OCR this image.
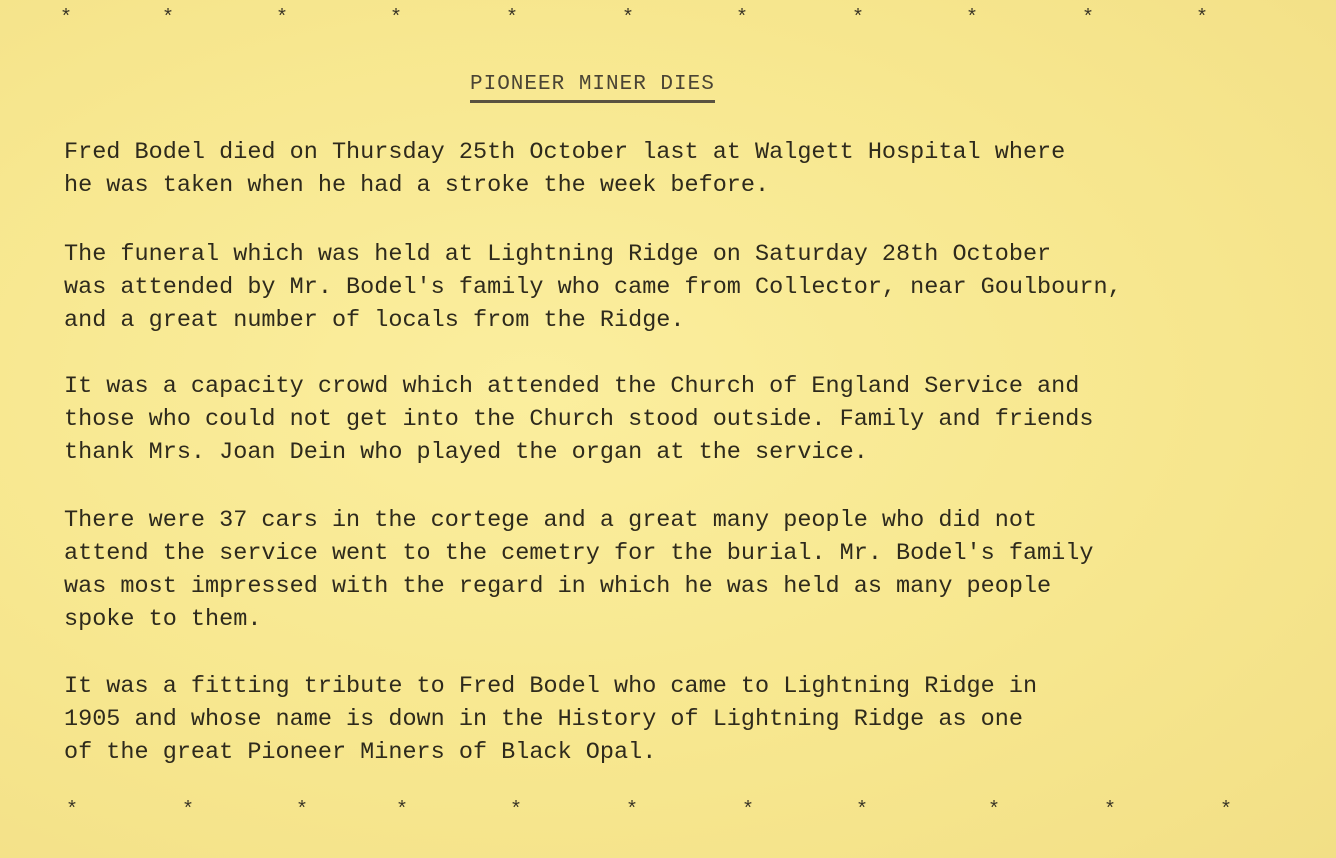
*	*	*	*	*	*	*	*	*	*	*
PIONEER MINER DIES
Fred Bodel died on Thursday 25th October last at Walgett Hospital where
he was taken when he had a stroke the week before.
The funeral which was held at Lightning Ridge on Saturday 28th October
was attended by Mr. Bodel's family who came from Collector, near Goulbourn,
and a great number of locals from the Ridge.
It was a capacity crowd which attended the Church of England Service and
those who could not get into the Church stood outside. Family and friends
thank Mrs. Joan Dein who played the organ at the service.
There were 37 cars in the cortege and a great many people who did not
attend the service went to the cemetry for the burial. Mr. Bodel's family
was most impressed with the regard in which he was held as many people
spoke to them.
It was a fitting tribute to Fred Bodel who came to Lightning Ridge in
1905 and whose name is down in the History of Lightning Ridge as one
of the great Pioneer Miners of Black Opal.
*	*	*	*	*	*	*	*	*	*	*
